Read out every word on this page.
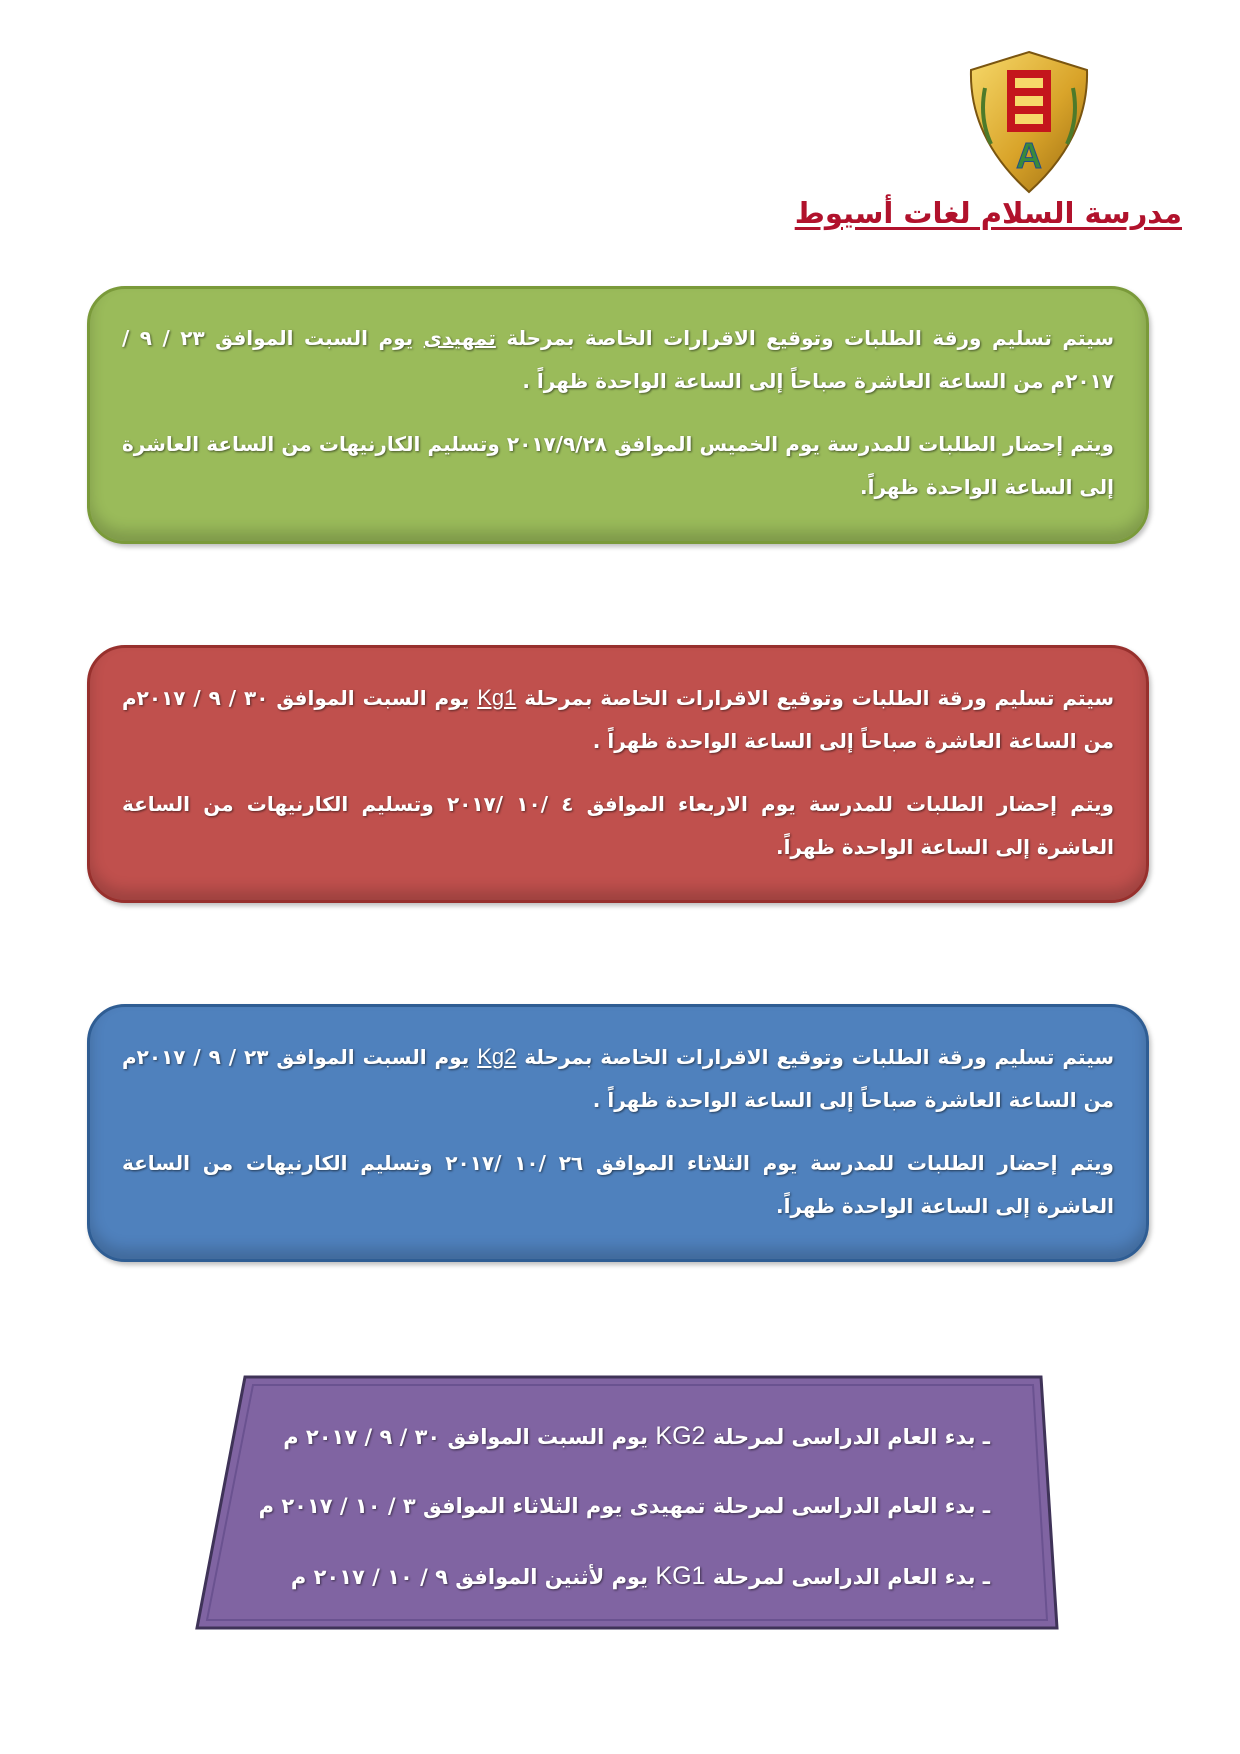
SL
A
مدرسة السلام لغات أسيوط

سيتم تسليم ورقة الطلبات وتوقيع الاقرارات الخاصة بمرحلة تمهيدى يوم السبت الموافق ٢٣ / ٩ / ٢٠١٧م من الساعة العاشرة صباحاً إلى الساعة الواحدة ظهراً .

ويتم إحضار الطلبات للمدرسة يوم الخميس الموافق ٢٠١٧/٩/٢٨ وتسليم الكارنيهات من الساعة العاشرة إلى الساعة الواحدة ظهراً.

سيتم تسليم ورقة الطلبات وتوقيع الاقرارات الخاصة بمرحلة Kg1 يوم السبت الموافق ٣٠ / ٩ / ٢٠١٧م من الساعة العاشرة صباحاً إلى الساعة الواحدة ظهراً .

ويتم إحضار الطلبات للمدرسة يوم الاربعاء الموافق ٤ /١٠ /٢٠١٧ وتسليم الكارنيهات من الساعة العاشرة إلى الساعة الواحدة ظهراً.

سيتم تسليم ورقة الطلبات وتوقيع الاقرارات الخاصة بمرحلة Kg2 يوم السبت الموافق ٢٣ / ٩ / ٢٠١٧م من الساعة العاشرة صباحاً إلى الساعة الواحدة ظهراً .

ويتم إحضار الطلبات للمدرسة يوم الثلاثاء الموافق ٢٦ /١٠ /٢٠١٧ وتسليم الكارنيهات من الساعة العاشرة إلى الساعة الواحدة ظهراً.

ـ بدء العام الدراسى لمرحلة KG2 يوم السبت الموافق ٣٠ / ٩ / ٢٠١٧ م
ـ بدء العام الدراسى لمرحلة تمهيدى يوم الثلاثاء الموافق ٣ / ١٠ / ٢٠١٧ م
ـ بدء العام الدراسى لمرحلة KG1 يوم لأثنين الموافق ٩ / ١٠ / ٢٠١٧ م
